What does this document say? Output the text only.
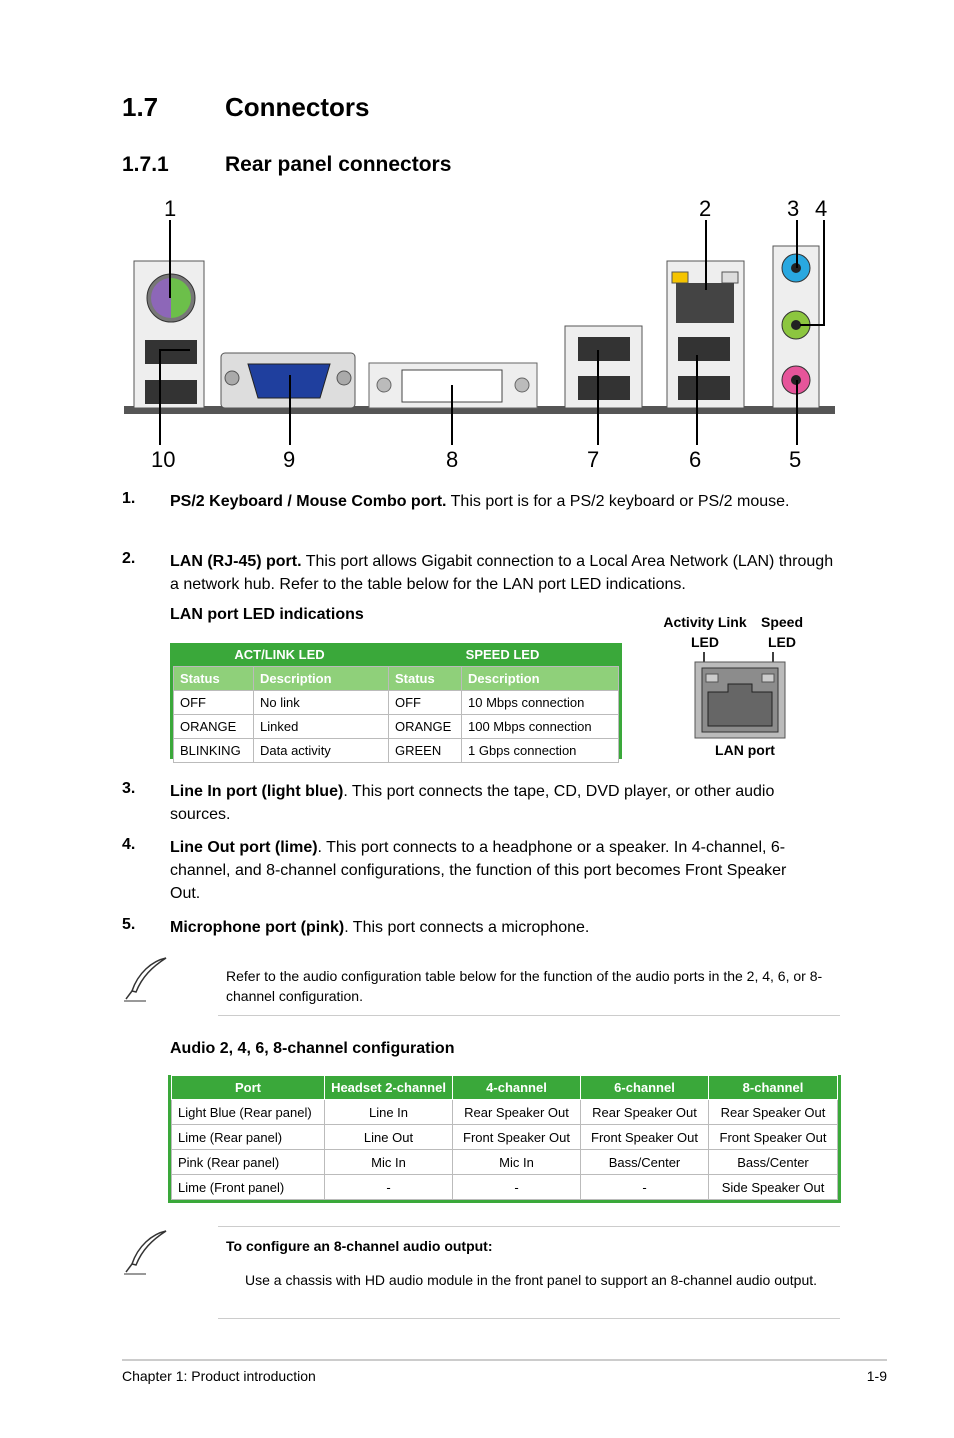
1.7	Connectors
1.7.1	Rear panel connectors
1	2	3 4
5
6
7
8
9
10
1. PS/2 Keyboard / Mouse Combo port. This port is for a PS/2 keyboard or PS/2 mouse.
2. LAN (RJ-45) port. This port allows Gigabit connection to a Local Area Network (LAN) through a network hub. Refer to the table below for the LAN port LED indications.
LAN port LED indications
ACT/LINK LED	SPEED LED
Status	Description	Status	Description
OFF	No link	OFF	10 Mbps connection
ORANGE	Linked	ORANGE	100 Mbps connection
BLINKING	Data activity	GREEN	1 Gbps connection
Activity Link
LED
Speed
LED
LAN port
3. Line In port (light blue). This port connects the tape, CD, DVD player, or other audio sources.
4. Line Out port (lime). This port connects to a headphone or a speaker. In 4-channel, 6-channel, and 8-channel configurations, the function of this port becomes Front Speaker Out.
5. Microphone port (pink). This port connects a microphone.
Refer to the audio configuration table below for the function of the audio ports in the 2, 4, 6, or 8-channel configuration.
Audio 2, 4, 6, 8-channel configuration
Port	Headset 2-channel	4-channel	6-channel	8-channel
Light Blue (Rear panel)	Line In	Rear Speaker Out	Rear Speaker Out	Rear Speaker Out
Lime (Rear panel)	Line Out	Front Speaker Out	Front Speaker Out	Front Speaker Out
Pink (Rear panel)	Mic In	Mic In	Bass/Center	Bass/Center
Lime (Front panel)	-	-	-	Side Speaker Out
To configure an 8-channel audio output:
Use a chassis with HD audio module in the front panel to support an 8-channel audio output.
Chapter 1: Product introduction	1-9
